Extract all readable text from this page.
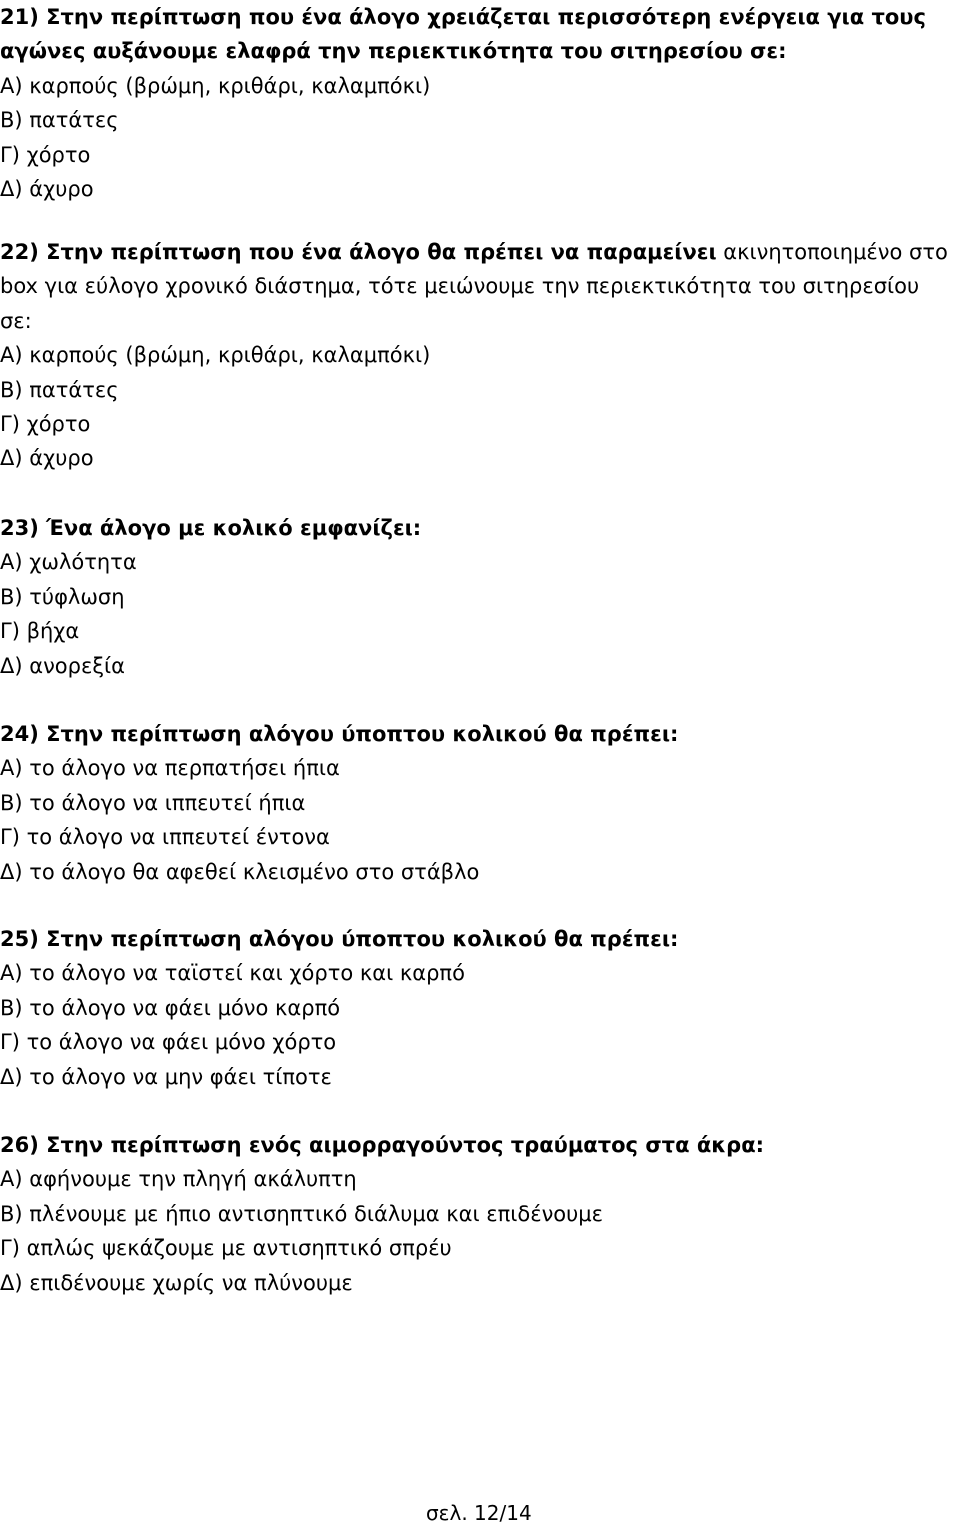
21) Στην περίπτωση που ένα άλογο χρειάζεται περισσότερη ενέργεια για τους
αγώνες αυξάνουμε ελαφρά την περιεκτικότητα του σιτηρεσίου σε:
Α) καρπούς (βρώμη, κριθάρι, καλαμπόκι)
Β) πατάτες
Γ) χόρτο
Δ) άχυρο
22) Στην περίπτωση που ένα άλογο θα πρέπει να παραμείνει ακινητοποιημένο στο
box για εύλογο χρονικό διάστημα, τότε μειώνουμε την περιεκτικότητα του σιτηρεσίου
σε:
Α) καρπούς (βρώμη, κριθάρι, καλαμπόκι)
Β) πατάτες
Γ) χόρτο
Δ) άχυρο
23) Ένα άλογο με κολικό εμφανίζει:
Α) χωλότητα
Β) τύφλωση
Γ) βήχα
Δ) ανορεξία
24) Στην περίπτωση αλόγου ύποπτου κολικού θα πρέπει:
Α) το άλογο να περπατήσει ήπια
Β) το άλογο να ιππευτεί ήπια
Γ) το άλογο να ιππευτεί έντονα
Δ) το άλογο θα αφεθεί κλεισμένο στο στάβλο
25) Στην περίπτωση αλόγου ύποπτου κολικού θα πρέπει:
Α) το άλογο να ταϊστεί και χόρτο και καρπό
Β) το άλογο να φάει μόνο καρπό
Γ) το άλογο να φάει μόνο χόρτο
Δ) το άλογο να μην φάει τίποτε
26) Στην περίπτωση ενός αιμορραγούντος τραύματος στα άκρα:
Α) αφήνουμε την πληγή ακάλυπτη
Β) πλένουμε με ήπιο αντισηπτικό διάλυμα και επιδένουμε
Γ) απλώς ψεκάζουμε με αντισηπτικό σπρέυ
Δ) επιδένουμε χωρίς να πλύνουμε
σελ. 12/14
